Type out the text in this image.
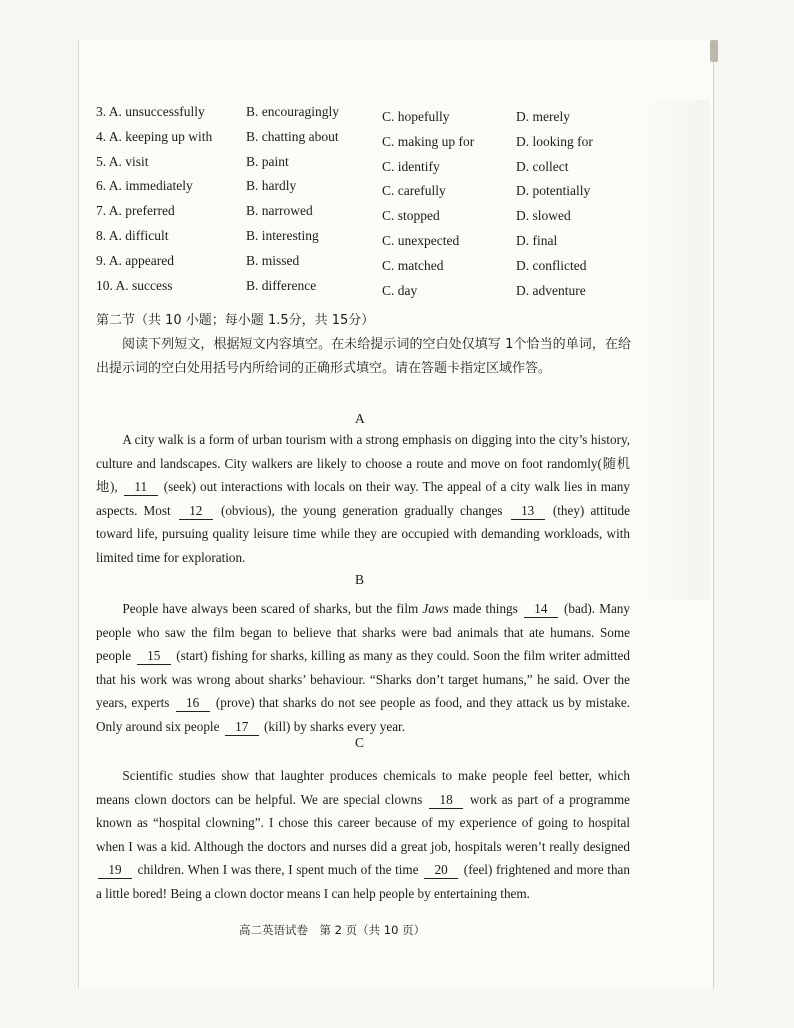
3. A. unsuccessfully	B. encouragingly	C. hopefully	D. merely
4. A. keeping up with B. chatting about	C. making up for	D. looking for
5. A. visit	B. paint	C. identify	D. collect
6. A. immediately	B. hardly	C. carefully	D. potentially
7. A. preferred	B. narrowed	C. stopped	D. slowed
8. A. difficult	B. interesting	C. unexpected	D. final
9. A. appeared	B. missed	C. matched	D. conflicted
10. A. success	B. difference	C. day	D. adventure
第二节（共 10 小题；每小题 1.5分，共 15分）
阅读下列短文，根据短文内容填空。在未给提示词的空白处仅填写 1个恰当的单词，在给出提示词的空白处用括号内所给词的正确形式填空。请在答题卡指定区域作答。
A
A city walk is a form of urban tourism with a strong emphasis on digging into the city’s history, culture and landscapes. City walkers are likely to choose a route and move on foot randomly(随机地), 11 (seek) out interactions with locals on their way. The appeal of a city walk lies in many aspects. Most 12 (obvious), the young generation gradually changes 13 (they) attitude toward life, pursuing quality leisure time while they are occupied with demanding workloads, with limited time for exploration.
B
People have always been scared of sharks, but the film Jaws made things 14 (bad). Many people who saw the film began to believe that sharks were bad animals that ate humans. Some people 15 (start) fishing for sharks, killing as many as they could. Soon the film writer admitted that his work was wrong about sharks’ behaviour. “Sharks don’t target humans,” he said. Over the years, experts 16 (prove) that sharks do not see people as food, and they attack us by mistake. Only around six people 17 (kill) by sharks every year.
C
Scientific studies show that laughter produces chemicals to make people feel better, which means clown doctors can be helpful. We are special clowns 18 work as part of a programme known as “hospital clowning”. I chose this career because of my experience of going to hospital when I was a kid. Although the doctors and nurses did a great job, hospitals weren’t really designed 19 children. When I was there, I spent much of the time 20 (feel) frightened and more than a little bored! Being a clown doctor means I can help people by entertaining them.
高二英语试卷　第 2 页（共 10 页）
